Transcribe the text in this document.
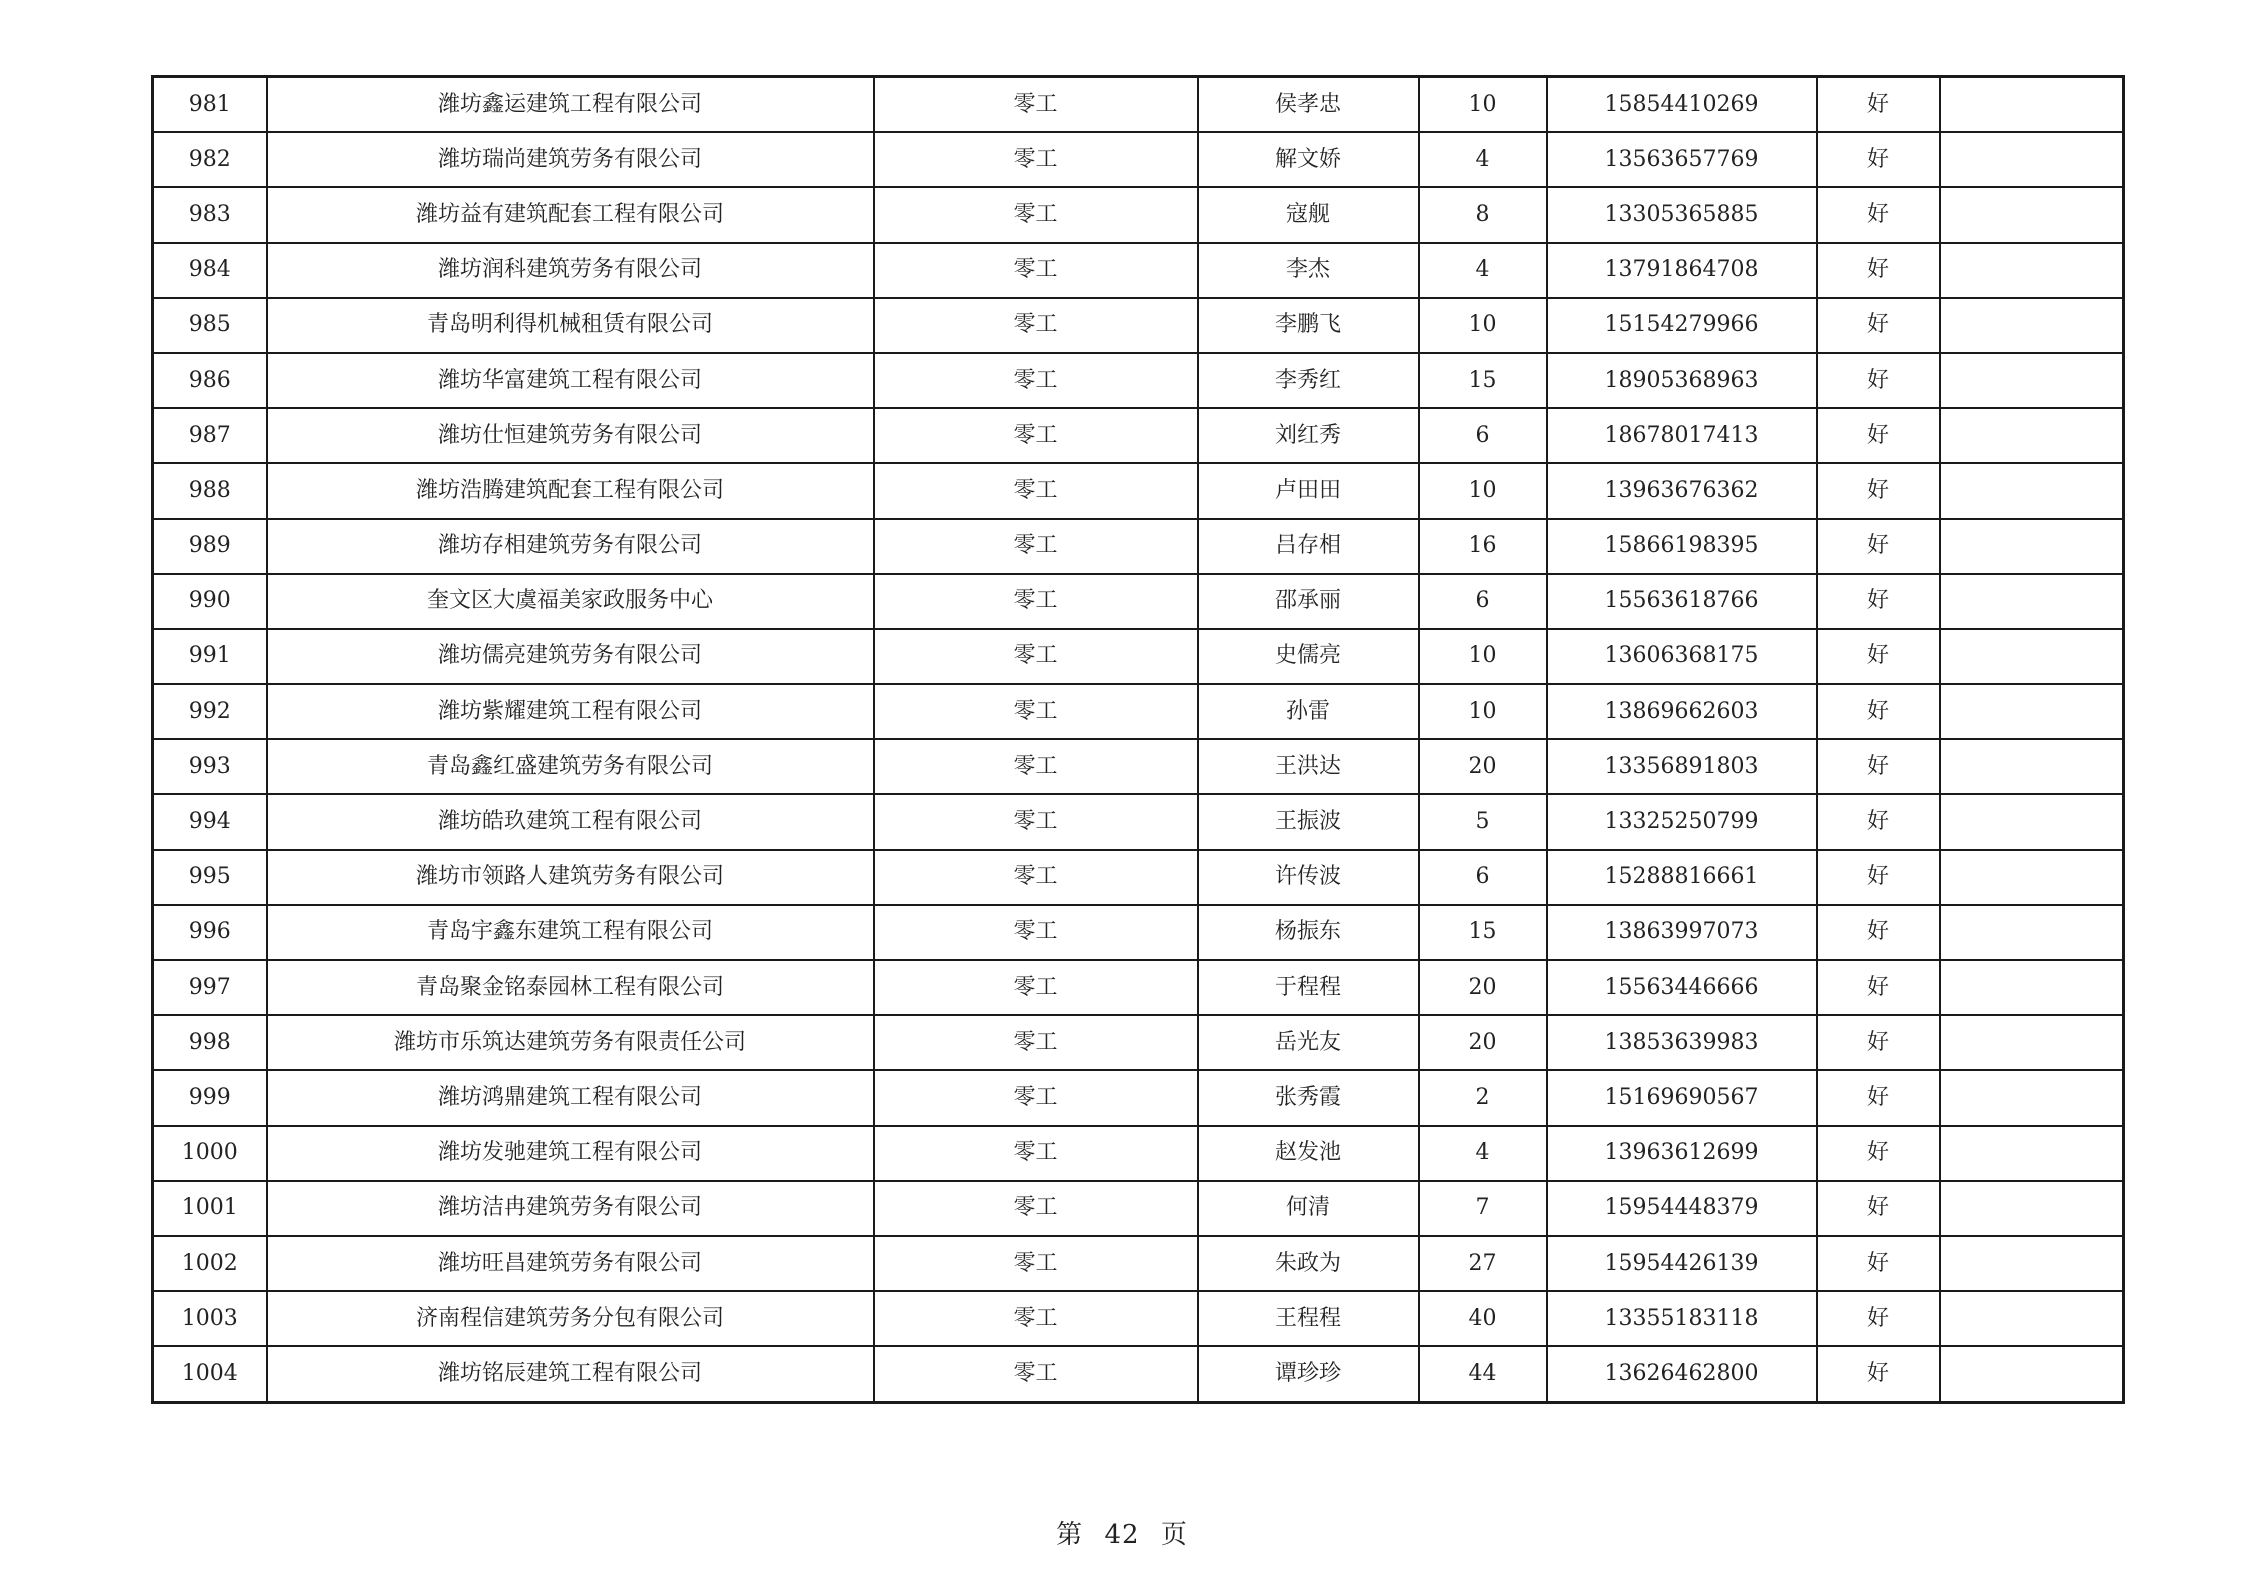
981	潍坊鑫运建筑工程有限公司	零工	侯孝忠	10	15854410269	好	
982	潍坊瑞尚建筑劳务有限公司	零工	解文娇	4	13563657769	好	
983	潍坊益有建筑配套工程有限公司	零工	寇舰	8	13305365885	好	
984	潍坊润科建筑劳务有限公司	零工	李杰	4	13791864708	好	
985	青岛明利得机械租赁有限公司	零工	李鹏飞	10	15154279966	好	
986	潍坊华富建筑工程有限公司	零工	李秀红	15	18905368963	好	
987	潍坊仕恒建筑劳务有限公司	零工	刘红秀	6	18678017413	好	
988	潍坊浩腾建筑配套工程有限公司	零工	卢田田	10	13963676362	好	
989	潍坊存相建筑劳务有限公司	零工	吕存相	16	15866198395	好	
990	奎文区大虞福美家政服务中心	零工	邵承丽	6	15563618766	好	
991	潍坊儒亮建筑劳务有限公司	零工	史儒亮	10	13606368175	好	
992	潍坊紫耀建筑工程有限公司	零工	孙雷	10	13869662603	好	
993	青岛鑫红盛建筑劳务有限公司	零工	王洪达	20	13356891803	好	
994	潍坊皓玖建筑工程有限公司	零工	王振波	5	13325250799	好	
995	潍坊市领路人建筑劳务有限公司	零工	许传波	6	15288816661	好	
996	青岛宇鑫东建筑工程有限公司	零工	杨振东	15	13863997073	好	
997	青岛聚金铭泰园林工程有限公司	零工	于程程	20	15563446666	好	
998	潍坊市乐筑达建筑劳务有限责任公司	零工	岳光友	20	13853639983	好	
999	潍坊鸿鼎建筑工程有限公司	零工	张秀霞	2	15169690567	好	
1000	潍坊发驰建筑工程有限公司	零工	赵发池	4	13963612699	好	
1001	潍坊洁冉建筑劳务有限公司	零工	何清	7	15954448379	好	
1002	潍坊旺昌建筑劳务有限公司	零工	朱政为	27	15954426139	好	
1003	济南程信建筑劳务分包有限公司	零工	王程程	40	13355183118	好	
1004	潍坊铭辰建筑工程有限公司	零工	谭珍珍	44	13626462800	好	
第 42 页
